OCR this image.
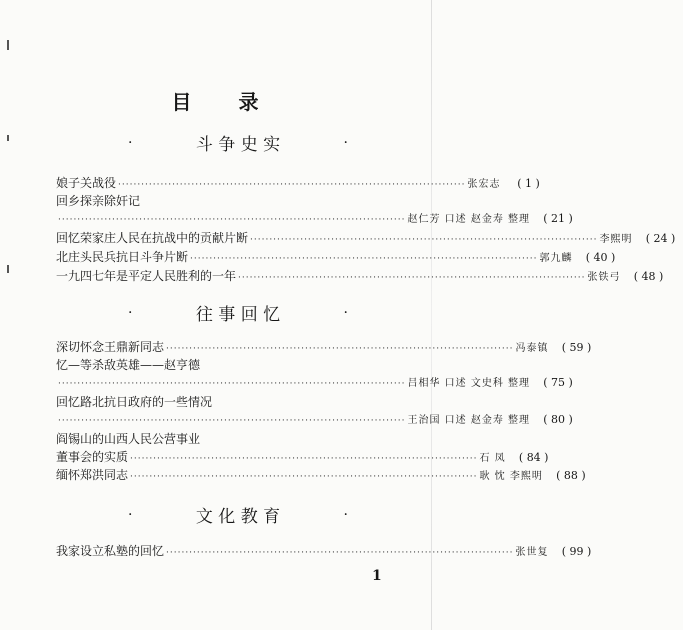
目 录
·	斗 争 史 实	·
娘子关战役 ·························································································· 张宏志	( 1 )
回乡探亲除奸记
·························································································· 赵仁芳 口述 赵金寿 整理	( 21 )
回忆荣家庄人民在抗战中的贡献片断 ·························································································· 李熙明	( 24 )
北庄头民兵抗日斗争片断 ·························································································· 郭九麟	( 40 )
一九四七年是平定人民胜利的一年 ·························································································· 张铁弓	( 48 )
·	往 事 回 忆	·
深切怀念王鼎新同志 ·························································································· 冯泰镇	( 59 )
忆—等杀敌英雄——赵亨德
·························································································· 吕相华 口述 文史科 整理	( 75 )
回忆路北抗日政府的一些情况
·························································································· 王治国 口述 赵金寿 整理	( 80 )
阎锡山的山西人民公营事业
董事会的实质 ·························································································· 石 凤	( 84 )
缅怀郑洪同志 ·························································································· 耿 忱 李熙明	( 88 )
·	文 化 教 育	·
我家设立私塾的回忆 ·························································································· 张世复	( 99 )
1
